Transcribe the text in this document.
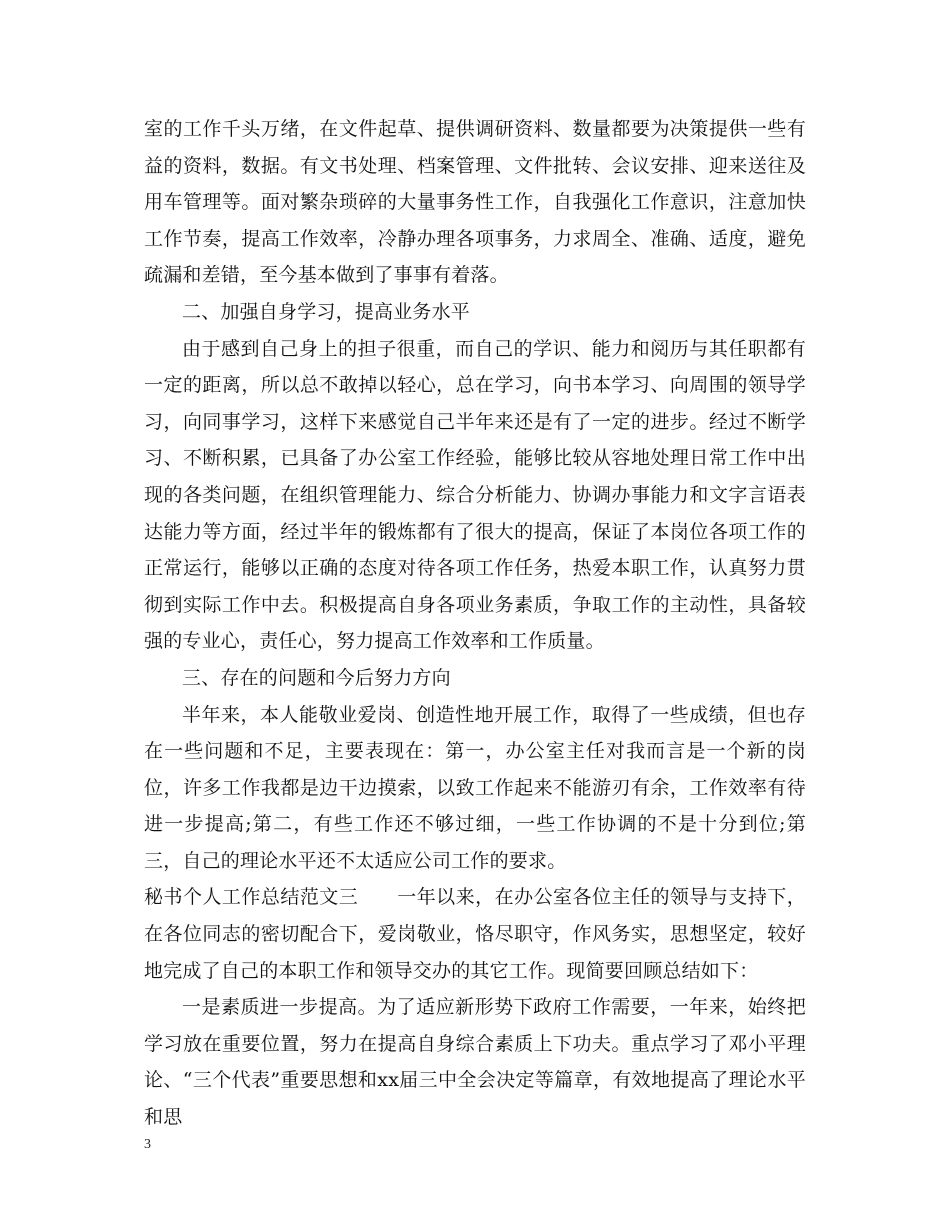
室的工作千头万绪，在文件起草、提供调研资料、数量都要为决策提供一些有益的资料，数据。有文书处理、档案管理、文件批转、会议安排、迎来送往及用车管理等。面对繁杂琐碎的大量事务性工作，自我强化工作意识，注意加快工作节奏，提高工作效率，冷静办理各项事务，力求周全、准确、适度，避免疏漏和差错，至今基本做到了事事有着落。

二、加强自身学习，提高业务水平

由于感到自己身上的担子很重，而自己的学识、能力和阅历与其任职都有一定的距离，所以总不敢掉以轻心，总在学习，向书本学习、向周围的领导学习，向同事学习，这样下来感觉自己半年来还是有了一定的进步。经过不断学习、不断积累，已具备了办公室工作经验，能够比较从容地处理日常工作中出现的各类问题，在组织管理能力、综合分析能力、协调办事能力和文字言语表达能力等方面，经过半年的锻炼都有了很大的提高，保证了本岗位各项工作的正常运行，能够以正确的态度对待各项工作任务，热爱本职工作，认真努力贯彻到实际工作中去。积极提高自身各项业务素质，争取工作的主动性，具备较强的专业心，责任心，努力提高工作效率和工作质量。

三、存在的问题和今后努力方向

半年来，本人能敬业爱岗、创造性地开展工作，取得了一些成绩，但也存在一些问题和不足，主要表现在：第一，办公室主任对我而言是一个新的岗位，许多工作我都是边干边摸索，以致工作起来不能游刃有余，工作效率有待进一步提高;第二，有些工作还不够过细，一些工作协调的不是十分到位;第三，自己的理论水平还不太适应公司工作的要求。

秘书个人工作总结范文三　　一年以来，在办公室各位主任的领导与支持下，在各位同志的密切配合下，爱岗敬业，恪尽职守，作风务实，思想坚定，较好地完成了自己的本职工作和领导交办的其它工作。现简要回顾总结如下：

一是素质进一步提高。为了适应新形势下政府工作需要，一年来，始终把学习放在重要位置，努力在提高自身综合素质上下功夫。重点学习了邓小平理论、“三个代表”重要思想和xx届三中全会决定等篇章，有效地提高了理论水平和思

3
